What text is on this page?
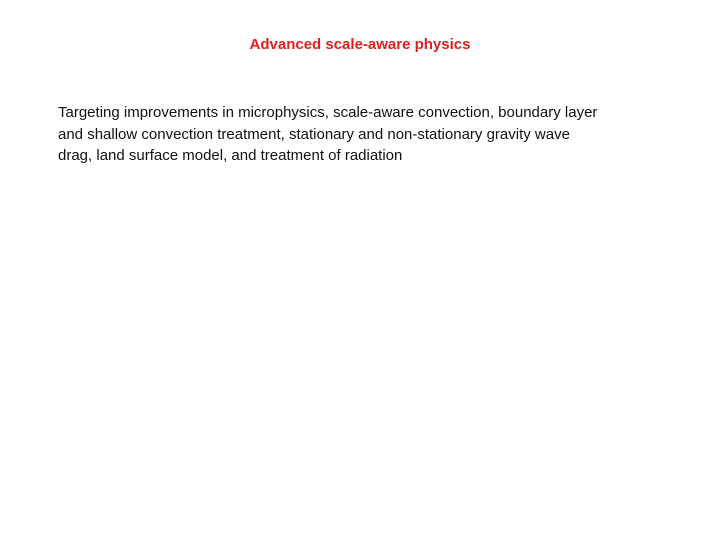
Advanced scale-aware physics

Targeting improvements in microphysics, scale-aware convection, boundary layer
and shallow convection treatment, stationary and non-stationary gravity wave
drag, land surface model, and treatment of radiation
